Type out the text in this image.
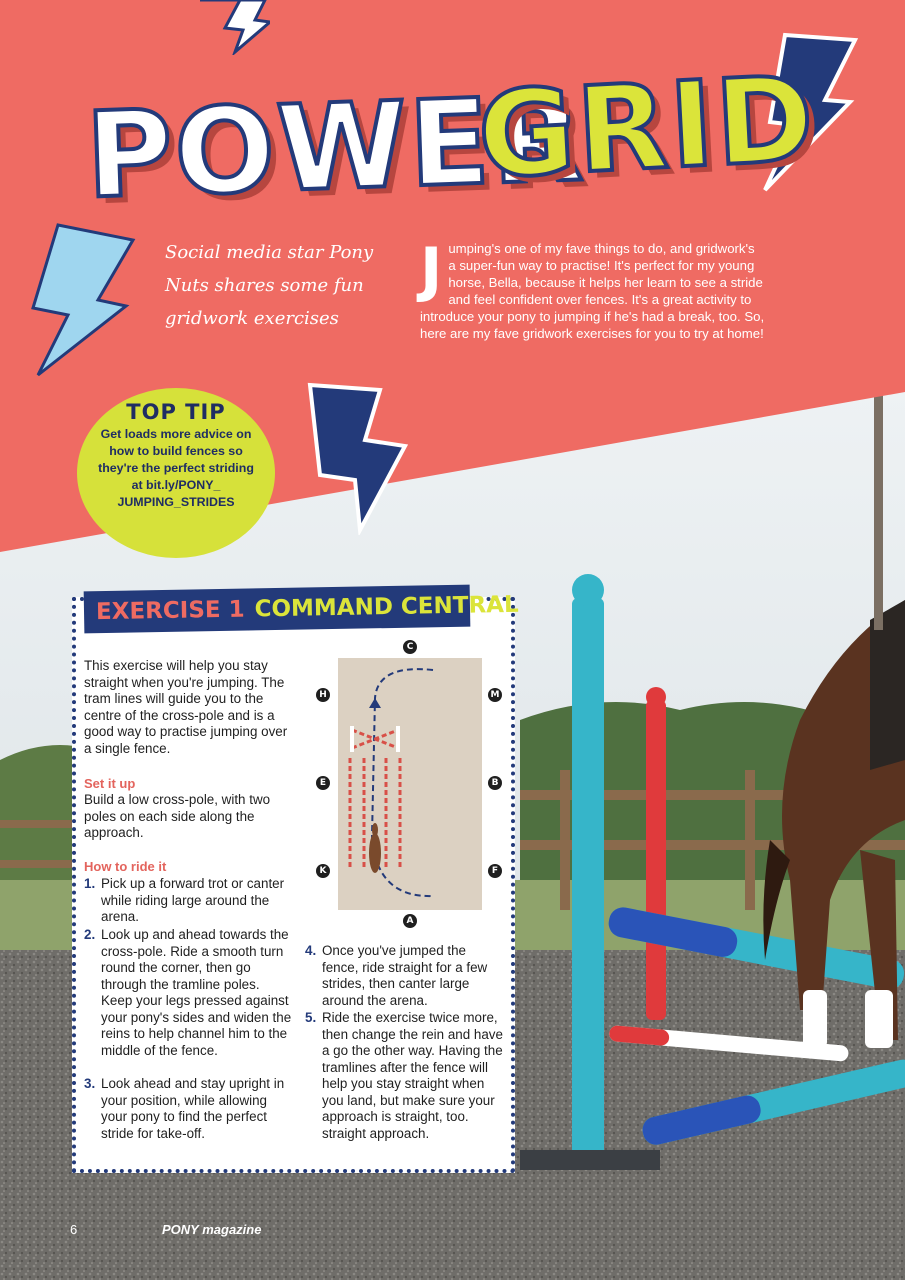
POWER
GRID
Social media star Pony Nuts shares some fun gridwork exercises
Jumping's one of my fave things to do, and gridwork's a super-fun way to practise! It's perfect for my young horse, Bella, because it helps her learn to see a stride and feel confident over fences. It's a great activity to introduce your pony to jumping if he's had a break, too. So, here are my fave gridwork exercises for you to try at home!
TOP TIP
Get loads more advice on how to build fences so they're the perfect striding at bit.ly/PONY_ JUMPING_STRIDES
EXERCISE 1 COMMAND CENTRAL
This exercise will help you stay straight when you're jumping. The tram lines will guide you to the centre of the cross-pole and is a good way to practise jumping over a single fence.
Set it up
Build a low cross-pole, with two poles on each side along the approach.
How to ride it
1. Pick up a forward trot or canter while riding large around the arena.
2. Look up and ahead towards the cross-pole. Ride a smooth turn round the corner, then go through the tramline poles. Keep your legs pressed against your pony's sides and widen the reins to help channel him to the middle of the fence.
3. Look ahead and stay upright in your position, while allowing your pony to find the perfect stride for take-off.
4. Once you've jumped the fence, ride straight for a few strides, then canter large around the arena.
5. Ride the exercise twice more, then change the rein and have a go the other way. Having the tramlines after the fence will help you stay straight when you land, but make sure your approach is straight, too. straight approach.
C
A
H
E
K
M
B
F
6	PONY magazine
